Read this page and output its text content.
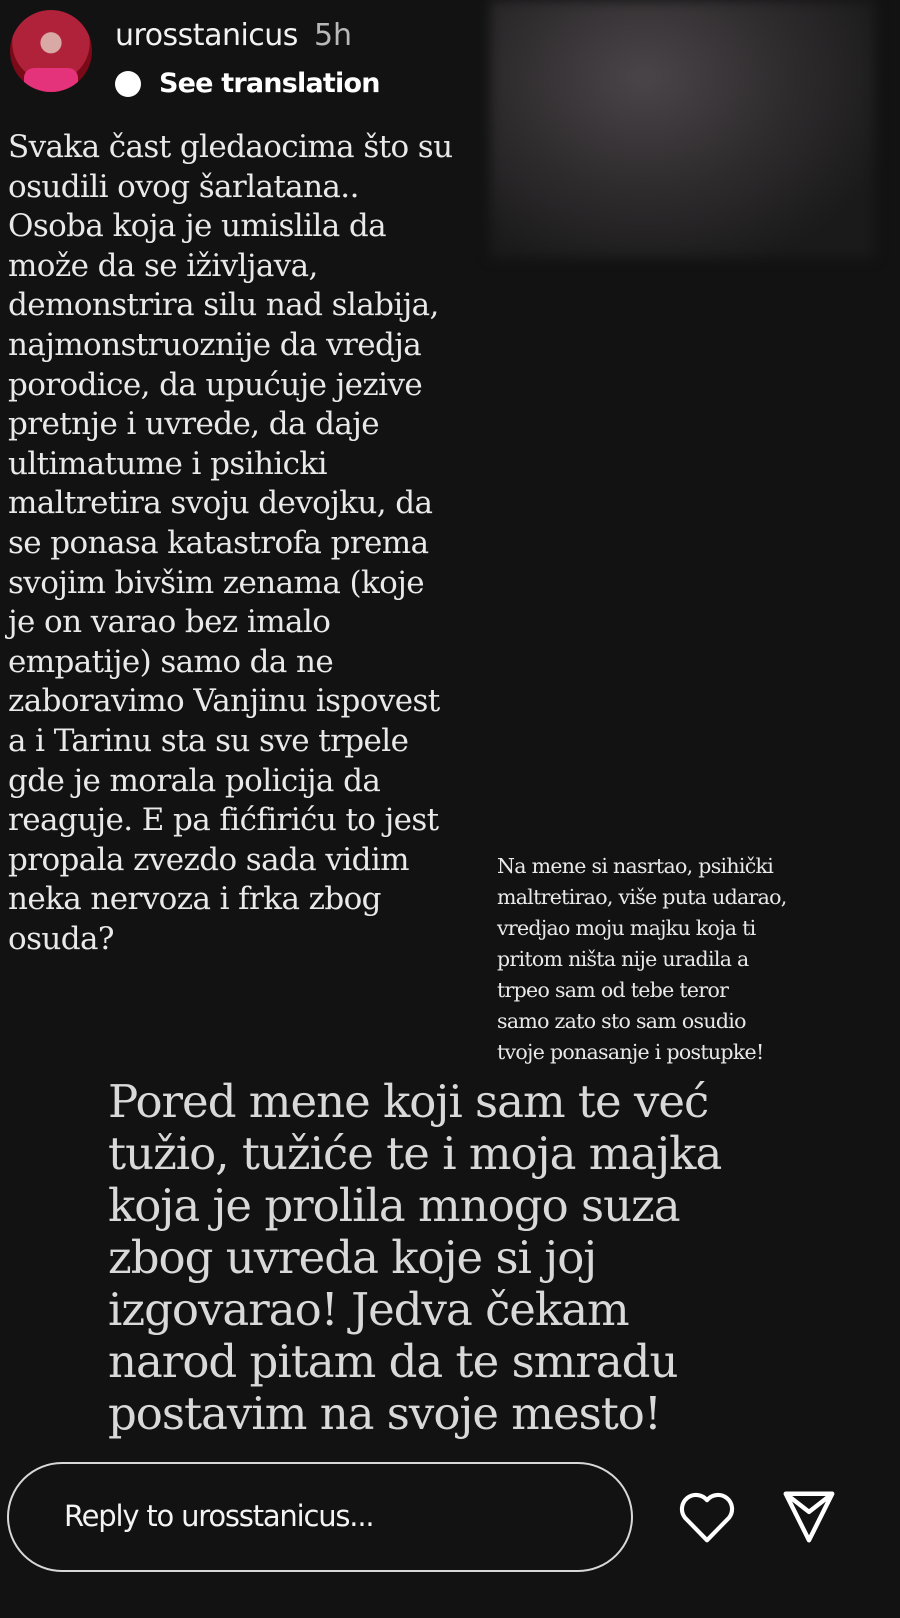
urosstanicus 5h
See translation
Svaka čast gledaocima što su
osudili ovog šarlatana..
Osoba koja je umislila da
može da se iživljava,
demonstrira silu nad slabija,
najmonstruoznije da vredja
porodice, da upućuje jezive
pretnje i uvrede, da daje
ultimatume i psihicki
maltretira svoju devojku, da
se ponasa katastrofa prema
svojim bivšim zenama (koje
je on varao bez imalo
empatije) samo da ne
zaboravimo Vanjinu ispovest
a i Tarinu sta su sve trpele
gde je morala policija da
reaguje. E pa fićfiriću to jest
propala zvezdo sada vidim
neka nervoza i frka zbog
osuda?
Na mene si nasrtao, psihički
maltretirao, više puta udarao,
vredjao moju majku koja ti
pritom ništa nije uradila a
trpeo sam od tebe teror
samo zato sto sam osudio
tvoje ponasanje i postupke!
Pored mene koji sam te već
tužio, tužiće te i moja majka
koja je prolila mnogo suza
zbog uvreda koje si joj
izgovarao! Jedva čekam
narod pitam da te smradu
postavim na svoje mesto!
Reply to urosstanicus...
